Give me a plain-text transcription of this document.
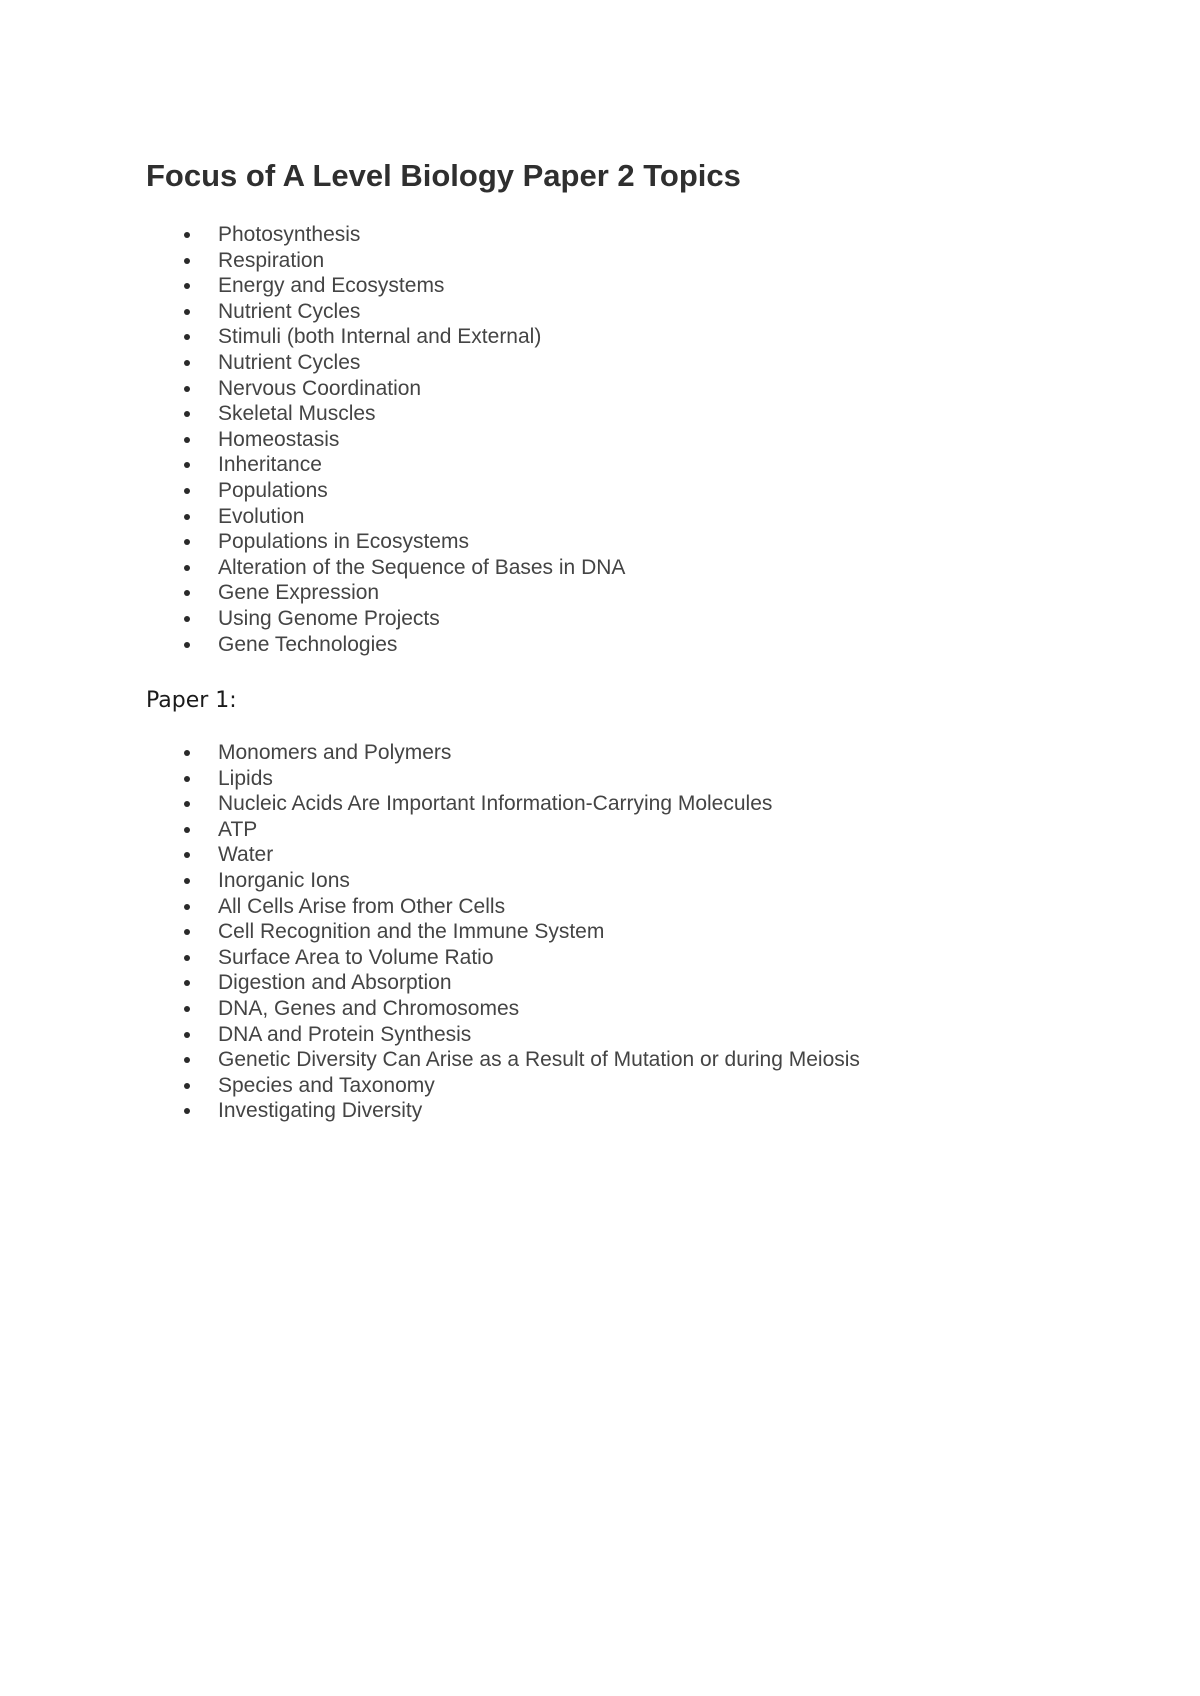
Focus of A Level Biology Paper 2 Topics
Photosynthesis
Respiration
Energy and Ecosystems
Nutrient Cycles
Stimuli (both Internal and External)
Nutrient Cycles
Nervous Coordination
Skeletal Muscles
Homeostasis
Inheritance
Populations
Evolution
Populations in Ecosystems
Alteration of the Sequence of Bases in DNA
Gene Expression
Using Genome Projects
Gene Technologies
Paper 1:
Monomers and Polymers
Lipids
Nucleic Acids Are Important Information-Carrying Molecules
ATP
Water
Inorganic Ions
All Cells Arise from Other Cells
Cell Recognition and the Immune System
Surface Area to Volume Ratio
Digestion and Absorption
DNA, Genes and Chromosomes
DNA and Protein Synthesis
Genetic Diversity Can Arise as a Result of Mutation or during Meiosis
Species and Taxonomy
Investigating Diversity
